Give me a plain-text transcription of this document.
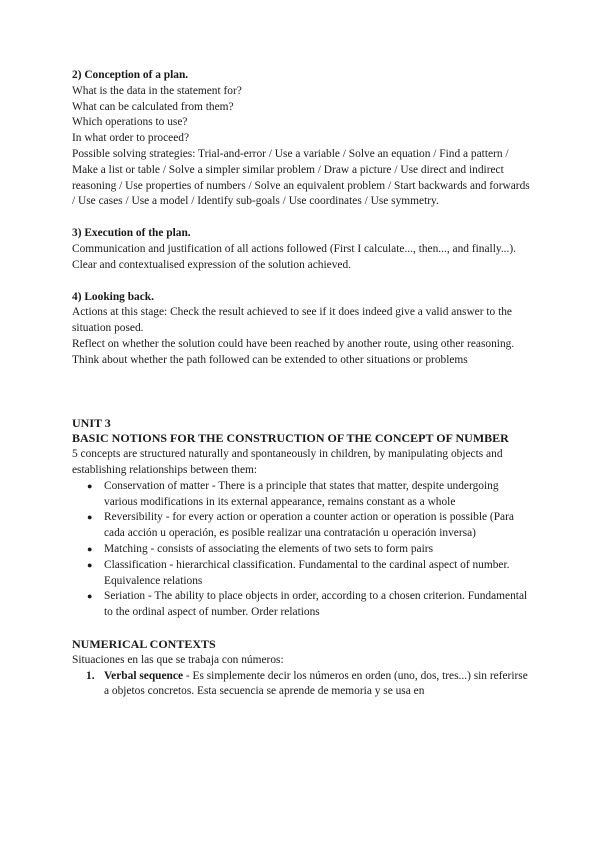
2) Conception of a plan.

What is the data in the statement for?

What can be calculated from them?

Which operations to use?

In what order to proceed?

Possible solving strategies: Trial-and-error / Use a variable / Solve an equation / Find a pattern / Make a list or table / Solve a simpler similar problem / Draw a picture / Use direct and indirect reasoning / Use properties of numbers / Solve an equivalent problem / Start backwards and forwards / Use cases / Use a model / Identify sub-goals / Use coordinates / Use symmetry.

3) Execution of the plan.

Communication and justification of all actions followed (First I calculate..., then..., and finally...). Clear and contextualised expression of the solution achieved.

4) Looking back.

Actions at this stage: Check the result achieved to see if it does indeed give a valid answer to the situation posed.

Reflect on whether the solution could have been reached by another route, using other reasoning.

Think about whether the path followed can be extended to other situations or problems

UNIT 3

BASIC NOTIONS FOR THE CONSTRUCTION OF THE CONCEPT OF NUMBER

5 concepts are structured naturally and spontaneously in children, by manipulating objects and establishing relationships between them:

● Conservation of matter - There is a principle that states that matter, despite undergoing various modifications in its external appearance, remains constant as a whole
● Reversibility - for every action or operation a counter action or operation is possible (Para cada acción u operación, es posible realizar una contratación u operación inversa)
● Matching - consists of associating the elements of two sets to form pairs
● Classification - hierarchical classification. Fundamental to the cardinal aspect of number. Equivalence relations
● Seriation - The ability to place objects in order, according to a chosen criterion. Fundamental to the ordinal aspect of number. Order relations

NUMERICAL CONTEXTS

Situaciones en las que se trabaja con números:

1. Verbal sequence - Es simplemente decir los números en orden (uno, dos, tres...) sin referirse a objetos concretos. Esta secuencia se aprende de memoria y se usa en
